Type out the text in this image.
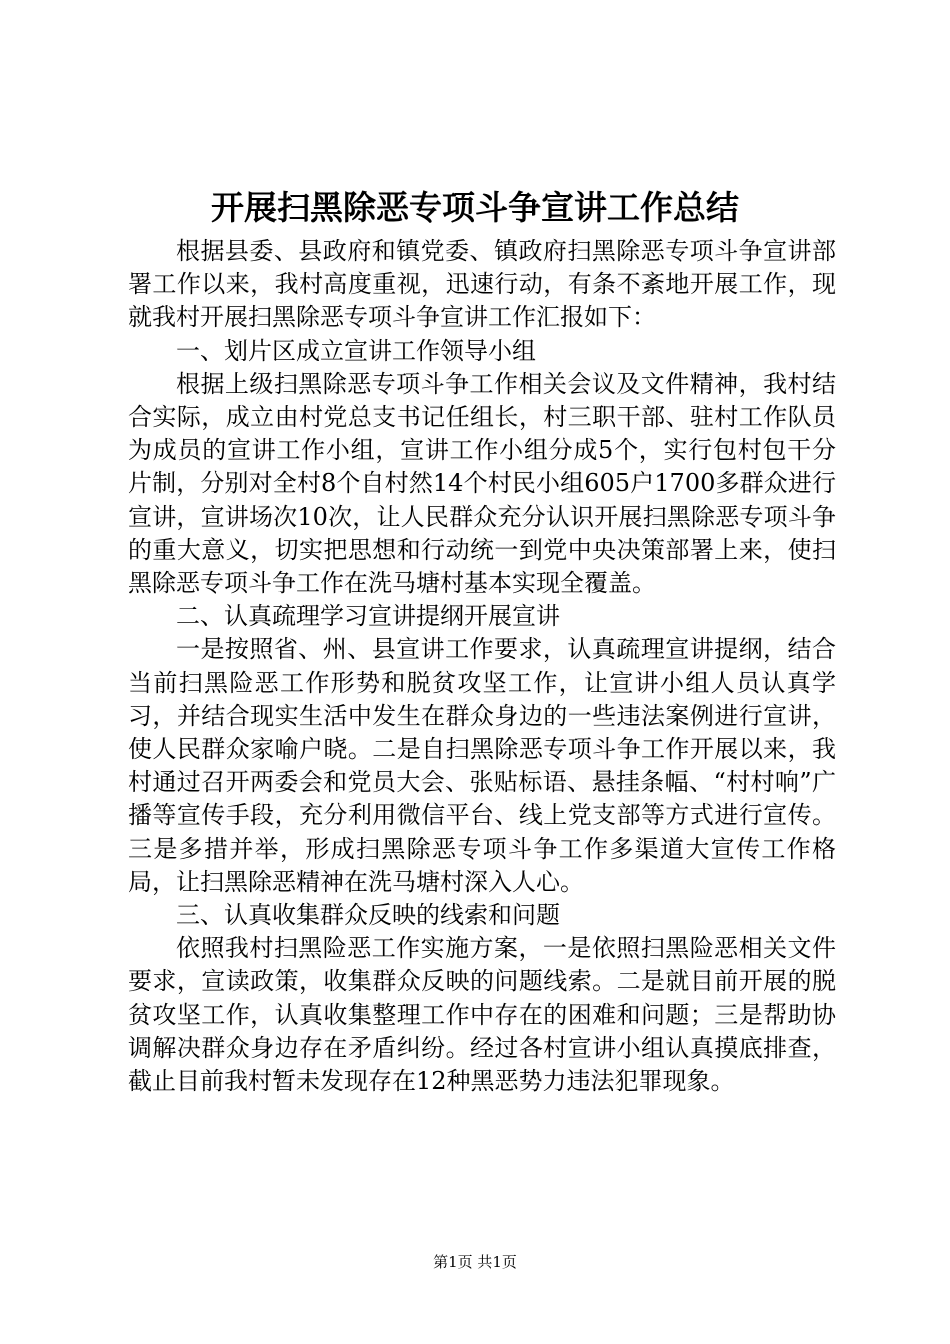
开展扫黑除恶专项斗争宣讲工作总结

根据县委、县政府和镇党委、镇政府扫黑除恶专项斗争宣讲部署工作以来，我村高度重视，迅速行动，有条不紊地开展工作，现就我村开展扫黑除恶专项斗争宣讲工作汇报如下：

一、划片区成立宣讲工作领导小组

根据上级扫黑除恶专项斗争工作相关会议及文件精神，我村结合实际，成立由村党总支书记任组长，村三职干部、驻村工作队员为成员的宣讲工作小组，宣讲工作小组分成5个，实行包村包干分片制，分别对全村8个自村然14个村民小组605户1700多群众进行宣讲，宣讲场次10次，让人民群众充分认识开展扫黑除恶专项斗争的重大意义，切实把思想和行动统一到党中央决策部署上来，使扫黑除恶专项斗争工作在洗马塘村基本实现全覆盖。

二、认真疏理学习宣讲提纲开展宣讲

一是按照省、州、县宣讲工作要求，认真疏理宣讲提纲，结合当前扫黑险恶工作形势和脱贫攻坚工作，让宣讲小组人员认真学习，并结合现实生活中发生在群众身边的一些违法案例进行宣讲，使人民群众家喻户晓。二是自扫黑除恶专项斗争工作开展以来，我村通过召开两委会和党员大会、张贴标语、悬挂条幅、“村村响”广播等宣传手段，充分利用微信平台、线上党支部等方式进行宣传。三是多措并举，形成扫黑除恶专项斗争工作多渠道大宣传工作格局，让扫黑除恶精神在洗马塘村深入人心。

三、认真收集群众反映的线索和问题

依照我村扫黑险恶工作实施方案，一是依照扫黑险恶相关文件要求，宣读政策，收集群众反映的问题线索。二是就目前开展的脱贫攻坚工作，认真收集整理工作中存在的困难和问题；三是帮助协调解决群众身边存在矛盾纠纷。经过各村宣讲小组认真摸底排查，截止目前我村暂未发现存在12种黑恶势力违法犯罪现象。

第1页 共1页
